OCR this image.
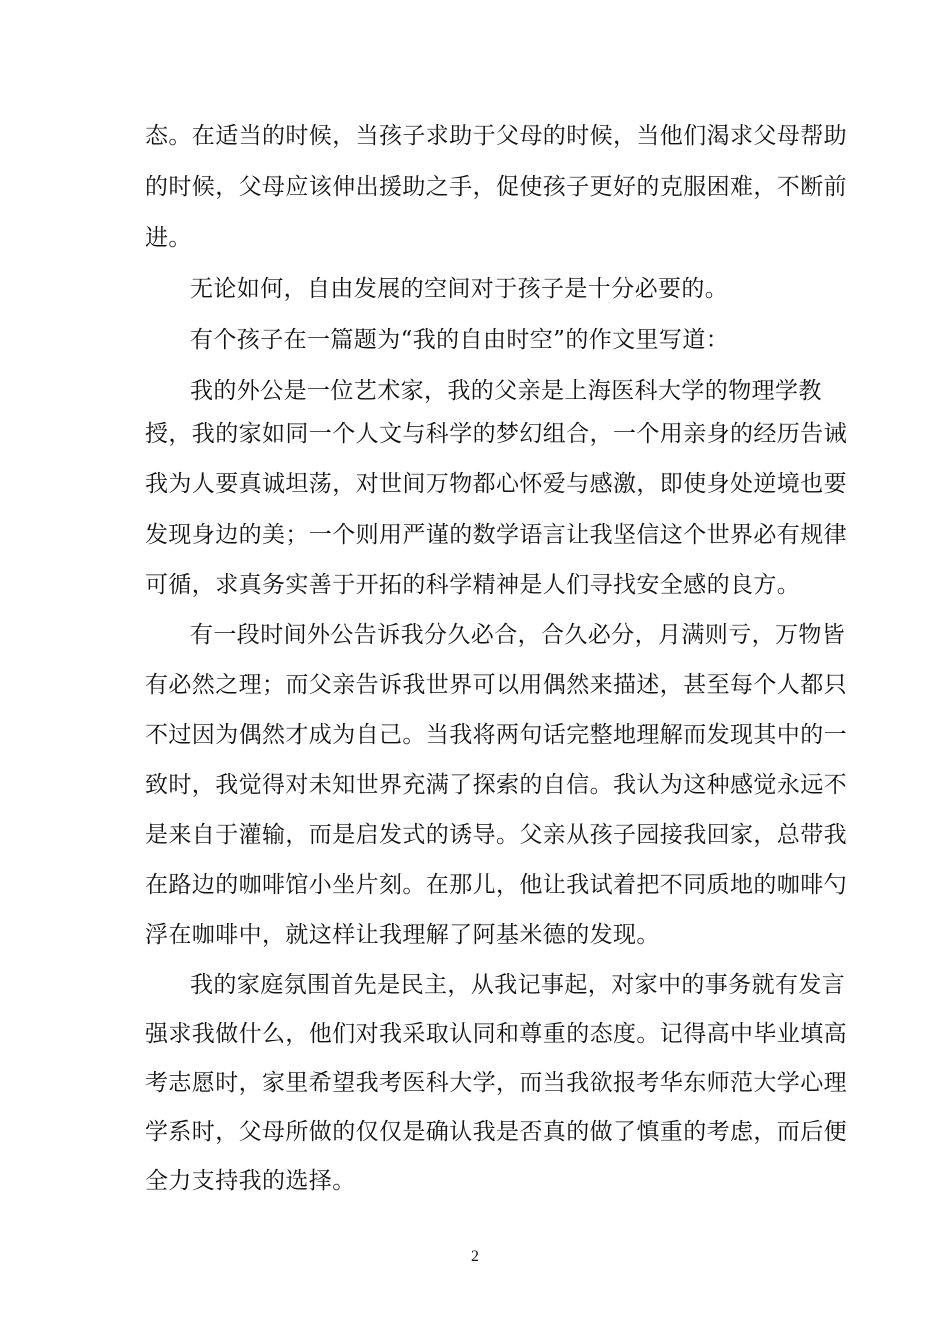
态。在适当的时候，当孩子求助于父母的时候，当他们渴求父母帮助
的时候，父母应该伸出援助之手，促使孩子更好的克服困难，不断前
进。
无论如何，自由发展的空间对于孩子是十分必要的。
有个孩子在一篇题为“我的自由时空”的作文里写道：
我的外公是一位艺术家，我的父亲是上海医科大学的物理学教
授，我的家如同一个人文与科学的梦幻组合，一个用亲身的经历告诫
我为人要真诚坦荡，对世间万物都心怀爱与感激，即使身处逆境也要
发现身边的美；一个则用严谨的数学语言让我坚信这个世界必有规律
可循，求真务实善于开拓的科学精神是人们寻找安全感的良方。
有一段时间外公告诉我分久必合，合久必分，月满则亏，万物皆
有必然之理；而父亲告诉我世界可以用偶然来描述，甚至每个人都只
不过因为偶然才成为自己。当我将两句话完整地理解而发现其中的一
致时，我觉得对未知世界充满了探索的自信。我认为这种感觉永远不
是来自于灌输，而是启发式的诱导。父亲从孩子园接我回家，总带我
在路边的咖啡馆小坐片刻。在那儿，他让我试着把不同质地的咖啡勺
浮在咖啡中，就这样让我理解了阿基米德的发现。
我的家庭氛围首先是民主，从我记事起，对家中的事务就有发言
强求我做什么，他们对我采取认同和尊重的态度。记得高中毕业填高
考志愿时，家里希望我考医科大学，而当我欲报考华东师范大学心理
学系时，父母所做的仅仅是确认我是否真的做了慎重的考虑，而后便
全力支持我的选择。
2
